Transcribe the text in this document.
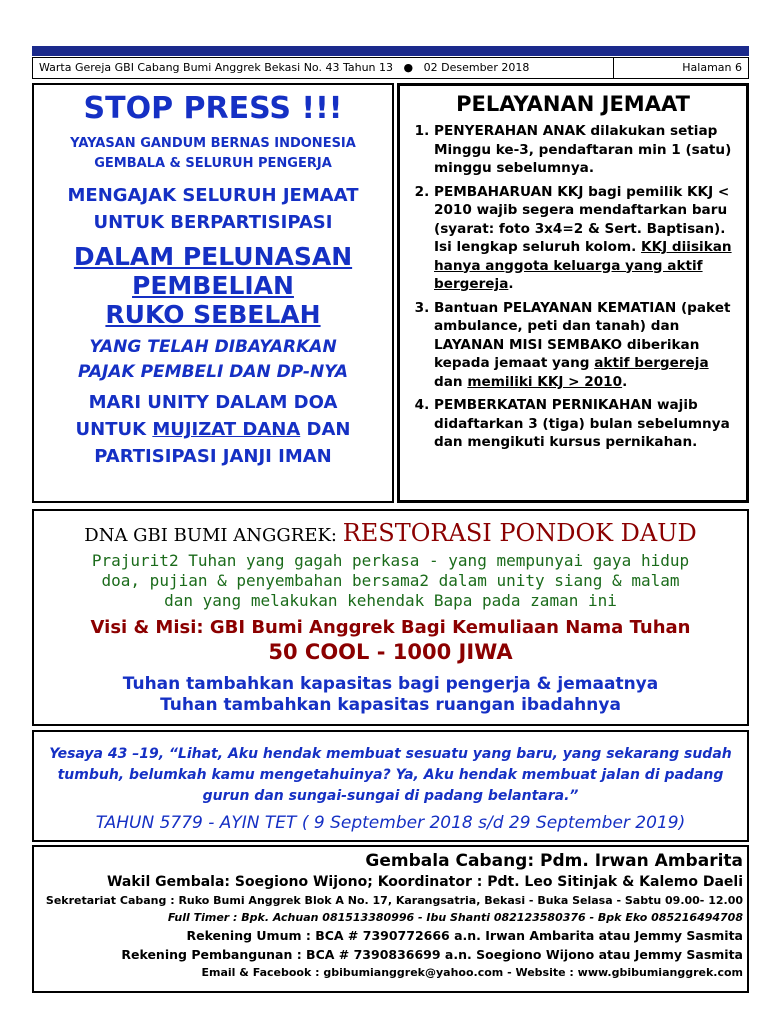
Warta Gereja GBI Cabang Bumi Anggrek Bekasi No. 43 Tahun 13 ● 02 Desember 2018	Halaman 6
STOP PRESS !!!
YAYASAN GANDUM BERNAS INDONESIA
GEMBALA & SELURUH PENGERJA
MENGAJAK SELURUH JEMAAT
UNTUK BERPARTISIPASI
DALAM PELUNASAN
PEMBELIAN
RUKO SEBELAH
YANG TELAH DIBAYARKAN
PAJAK PEMBELI DAN DP-NYA
MARI UNITY DALAM DOA
UNTUK MUJIZAT DANA DAN
PARTISIPASI JANJI IMAN
PELAYANAN JEMAAT
1. PENYERAHAN ANAK dilakukan setiap Minggu ke-3, pendaftaran min 1 (satu) minggu sebelumnya.
2. PEMBAHARUAN KKJ bagi pemilik KKJ < 2010 wajib segera mendaftarkan baru (syarat: foto 3x4=2 & Sert. Baptisan). Isi lengkap seluruh kolom. KKJ diisikan hanya anggota keluarga yang aktif bergereja.
3. Bantuan PELAYANAN KEMATIAN (paket ambulance, peti dan tanah) dan LAYANAN MISI SEMBAKO diberikan kepada jemaat yang aktif bergereja dan memiliki KKJ > 2010.
4. PEMBERKATAN PERNIKAHAN wajib didaftarkan 3 (tiga) bulan sebelumnya dan mengikuti kursus pernikahan.
DNA GBI BUMI ANGGREK: RESTORASI PONDOK DAUD
Prajurit2 Tuhan yang gagah perkasa - yang mempunyai gaya hidup
doa, pujian & penyembahan bersama2 dalam unity siang & malam
dan yang melakukan kehendak Bapa pada zaman ini
Visi & Misi: GBI Bumi Anggrek Bagi Kemuliaan Nama Tuhan
50 COOL - 1000 JIWA
Tuhan tambahkan kapasitas bagi pengerja & jemaatnya
Tuhan tambahkan kapasitas ruangan ibadahnya
Yesaya 43 –19, “Lihat, Aku hendak membuat sesuatu yang baru, yang sekarang sudah tumbuh, belumkah kamu mengetahuinya? Ya, Aku hendak membuat jalan di padang gurun dan sungai-sungai di padang belantara.”
TAHUN 5779 - AYIN TET ( 9 September 2018 s/d 29 September 2019)
Gembala Cabang: Pdm. Irwan Ambarita
Wakil Gembala: Soegiono Wijono; Koordinator : Pdt. Leo Sitinjak & Kalemo Daeli
Sekretariat Cabang : Ruko Bumi Anggrek Blok A No. 17, Karangsatria, Bekasi - Buka Selasa - Sabtu 09.00- 12.00
Full Timer : Bpk. Achuan 081513380996 - Ibu Shanti 082123580376 - Bpk Eko 085216494708
Rekening Umum : BCA # 7390772666 a.n. Irwan Ambarita atau Jemmy Sasmita
Rekening Pembangunan : BCA # 7390836699 a.n. Soegiono Wijono atau Jemmy Sasmita
Email & Facebook : gbibumianggrek@yahoo.com - Website : www.gbibumianggrek.com
